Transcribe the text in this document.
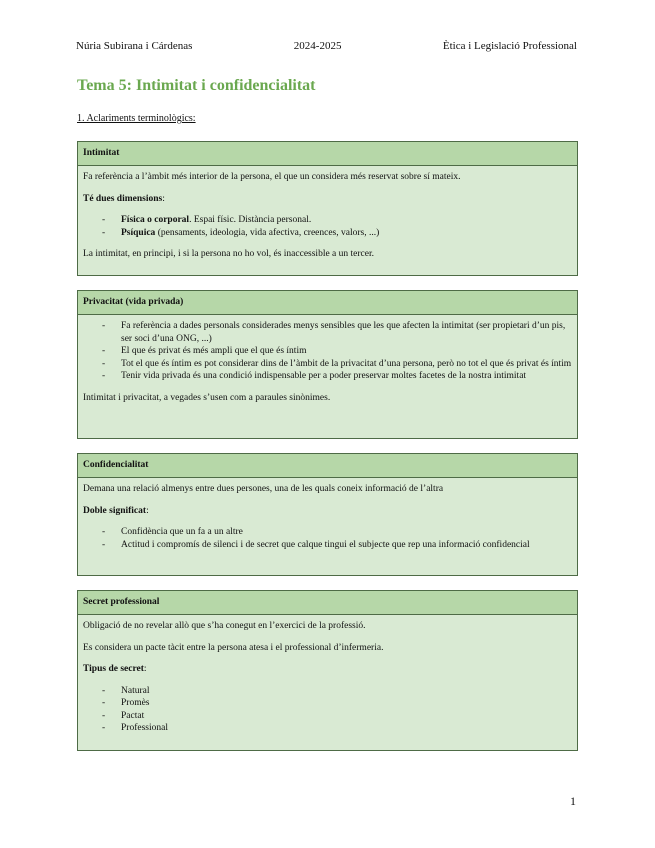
Núria Subirana i Cárdenas	2024-2025	Ètica i Legislació Professional
Tema 5: Intimitat i confidencialitat

1. Aclariments terminològics:

Intimitat

Fa referència a l’àmbit més interior de la persona, el que un considera més reservat sobre sí mateix.

Té dues dimensions:

- Física o corporal. Espai físic. Distància personal.
- Psíquica (pensaments, ideologia, vida afectiva, creences, valors, ...)

La intimitat, en principi, i si la persona no ho vol, és inaccessible a un tercer.

Privacitat (vida privada)
- Fa referència a dades personals considerades menys sensibles que les que afecten la intimitat (ser propietari d’un pis, ser soci d’una ONG, ...)
- El que és privat és més ampli que el que és íntim
- Tot el que és íntim es pot considerar dins de l’àmbit de la privacitat d’una persona, però no tot el que és privat és íntim
- Tenir vida privada és una condició indispensable per a poder preservar moltes facetes de la nostra intimitat

Intimitat i privacitat, a vegades s’usen com a paraules sinònimes.

Confidencialitat

Demana una relació almenys entre dues persones, una de les quals coneix informació de l’altra

Doble significat:

- Confidència que un fa a un altre
- Actitud i compromís de silenci i de secret que calque tingui el subjecte que rep una informació confidencial
Secret professional

Obligació de no revelar allò que s’ha conegut en l’exercici de la professió.

Es considera un pacte tàcit entre la persona atesa i el professional d’infermeria.

Tipus de secret:

- Natural
- Promès
- Pactat
- Professional
1
